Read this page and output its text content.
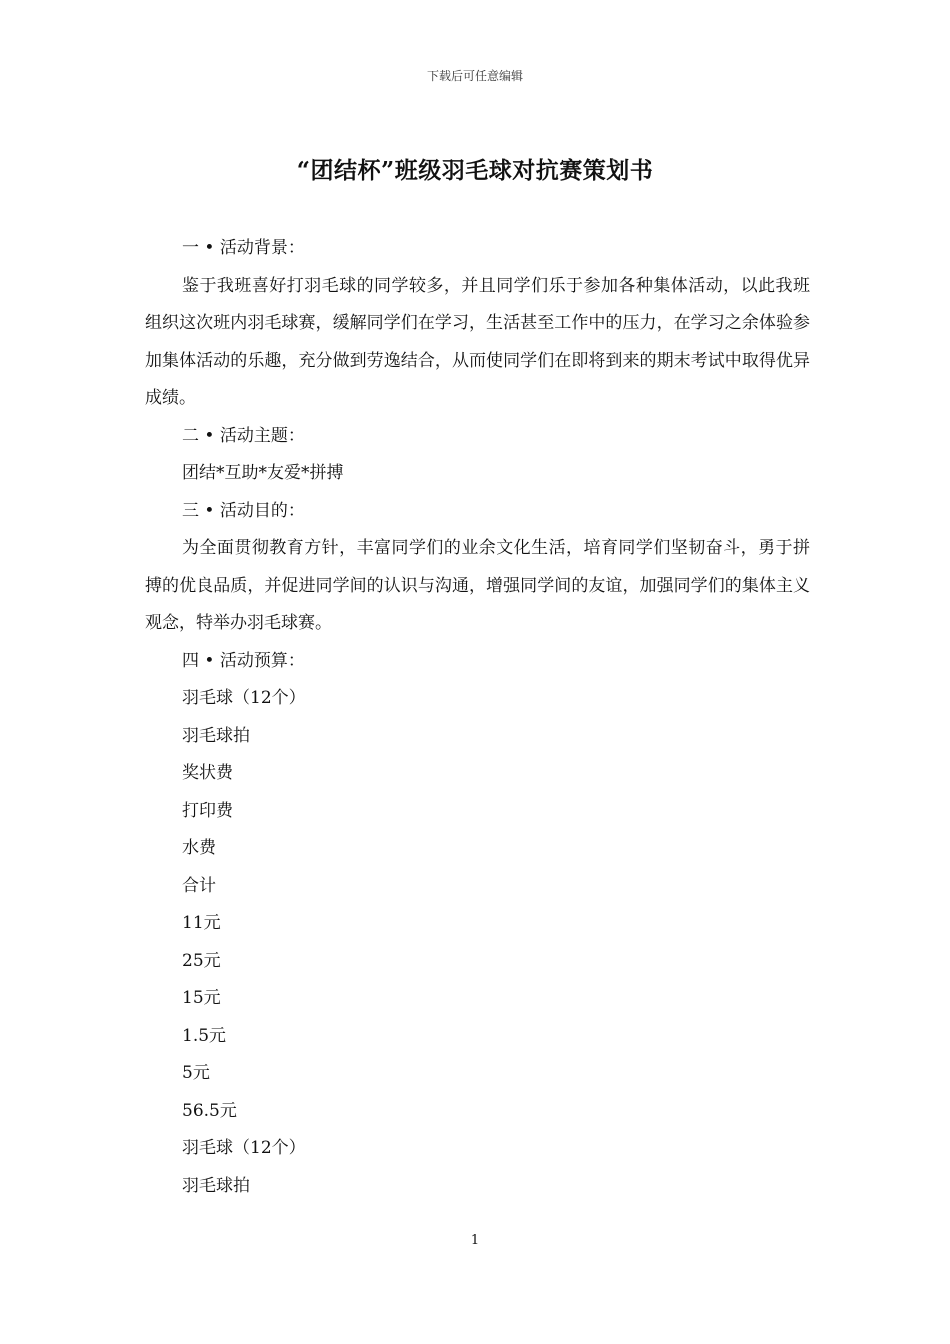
下载后可任意编辑
“团结杯”班级羽毛球对抗赛策划书

一 • 活动背景：

鉴于我班喜好打羽毛球的同学较多，并且同学们乐于参加各种集体活动，以此我班组织这次班内羽毛球赛，缓解同学们在学习，生活甚至工作中的压力，在学习之余体验参加集体活动的乐趣，充分做到劳逸结合，从而使同学们在即将到来的期末考试中取得优异成绩。

二 • 活动主题：

团结*互助*友爱*拼搏

三 • 活动目的：

为全面贯彻教育方针，丰富同学们的业余文化生活，培育同学们坚韧奋斗，勇于拼搏的优良品质，并促进同学间的认识与沟通，增强同学间的友谊，加强同学们的集体主义观念，特举办羽毛球赛。

四 • 活动预算：

羽毛球（12个）

羽毛球拍

奖状费

打印费

水费

合计

11元

25元

15元

1.5元

5元

56.5元

羽毛球（12个）

羽毛球拍

1
